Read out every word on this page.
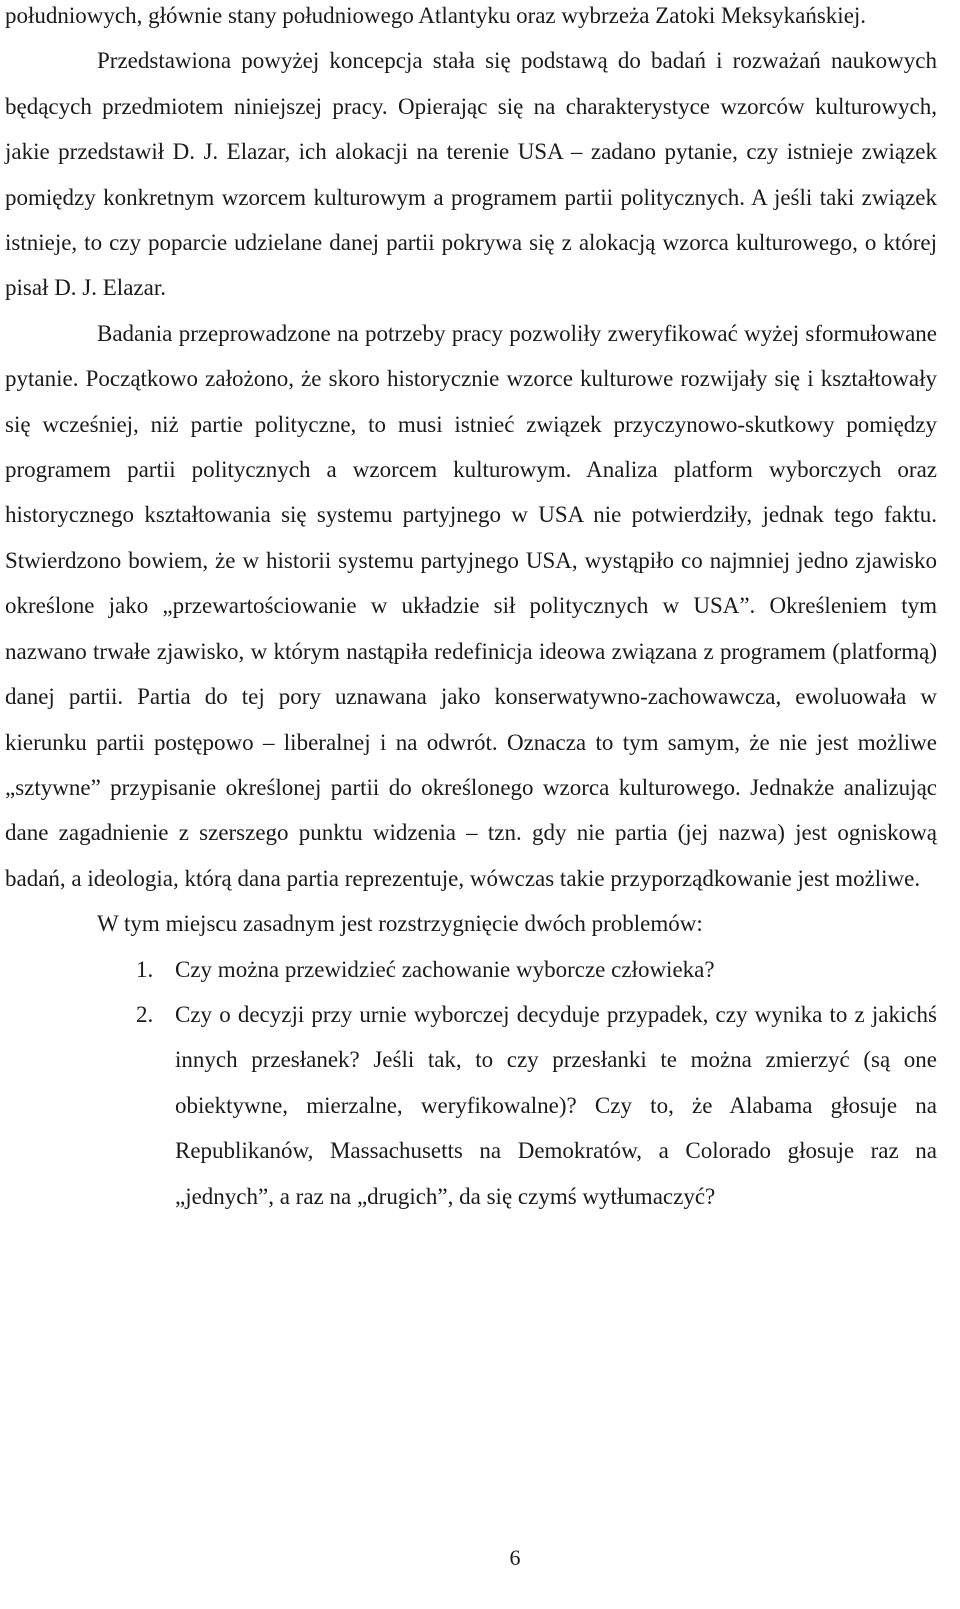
południowych, głównie stany południowego Atlantyku oraz wybrzeża Zatoki Meksykańskiej.

Przedstawiona powyżej koncepcja stała się podstawą do badań i rozważań naukowych będących przedmiotem niniejszej pracy. Opierając się na charakterystyce wzorców kulturowych, jakie przedstawił D. J. Elazar, ich alokacji na terenie USA – zadano pytanie, czy istnieje związek pomiędzy konkretnym wzorcem kulturowym a programem partii politycznych. A jeśli taki związek istnieje, to czy poparcie udzielane danej partii pokrywa się z alokacją wzorca kulturowego, o której pisał D. J. Elazar.

Badania przeprowadzone na potrzeby pracy pozwoliły zweryfikować wyżej sformułowane pytanie. Początkowo założono, że skoro historycznie wzorce kulturowe rozwijały się i kształtowały się wcześniej, niż partie polityczne, to musi istnieć związek przyczynowo-skutkowy pomiędzy programem partii politycznych a wzorcem kulturowym. Analiza platform wyborczych oraz historycznego kształtowania się systemu partyjnego w USA nie potwierdziły, jednak tego faktu. Stwierdzono bowiem, że w historii systemu partyjnego USA, wystąpiło co najmniej jedno zjawisko określone jako „przewartościowanie w układzie sił politycznych w USA”. Określeniem tym nazwano trwałe zjawisko, w którym nastąpiła redefinicja ideowa związana z programem (platformą) danej partii. Partia do tej pory uznawana jako konserwatywno-zachowawcza, ewoluowała w kierunku partii postępowo – liberalnej i na odwrót. Oznacza to tym samym, że nie jest możliwe „sztywne” przypisanie określonej partii do określonego wzorca kulturowego. Jednakże analizując dane zagadnienie z szerszego punktu widzenia – tzn. gdy nie partia (jej nazwa) jest ogniskową badań, a ideologia, którą dana partia reprezentuje, wówczas takie przyporządkowanie jest możliwe.

W tym miejscu zasadnym jest rozstrzygnięcie dwóch problemów:

1. Czy można przewidzieć zachowanie wyborcze człowieka?
2. Czy o decyzji przy urnie wyborczej decyduje przypadek, czy wynika to z jakichś innych przesłanek? Jeśli tak, to czy przesłanki te można zmierzyć (są one obiektywne, mierzalne, weryfikowalne)? Czy to, że Alabama głosuje na Republikanów, Massachusetts na Demokratów, a Colorado głosuje raz na „jednych”, a raz na „drugich”, da się czymś wytłumaczyć?
6
